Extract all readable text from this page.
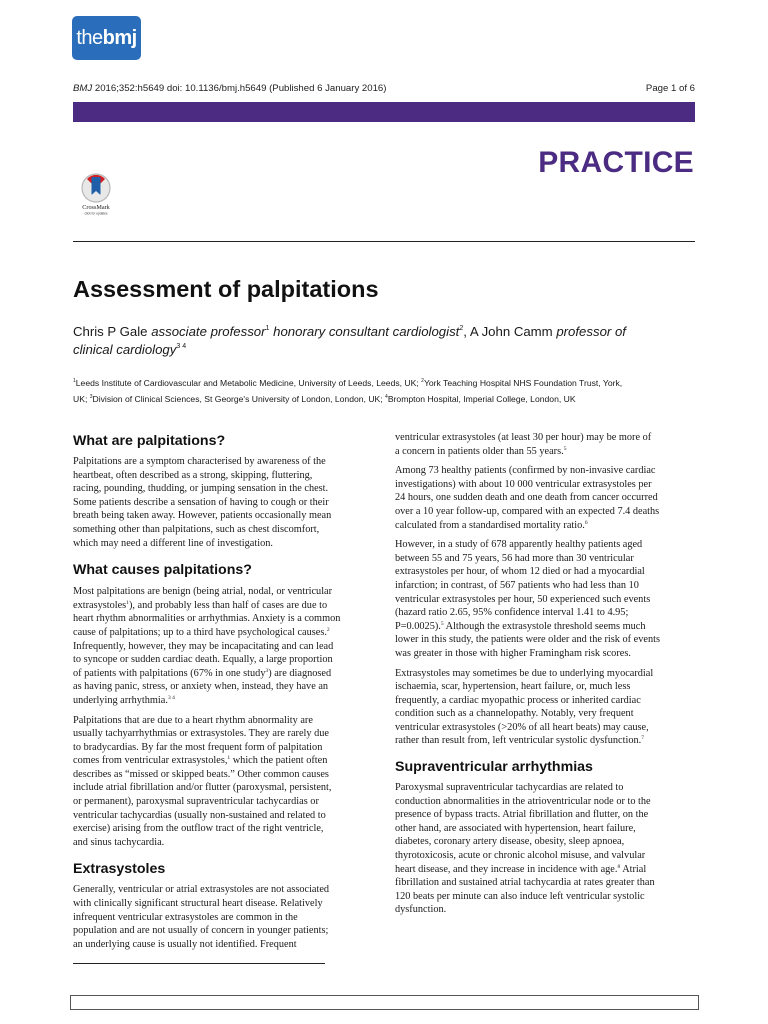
thebmj
BMJ 2016;352:h5649 doi: 10.1136/bmj.h5649 (Published 6 January 2016)	Page 1 of 6
PRACTICE
CrossMark
click for updates
Assessment of palpitations
Chris P Gale associate professor$^1$ honorary consultant cardiologist$^2$, A John Camm professor of
clinical cardiology$^{3 4}$
$^1$Leeds Institute of Cardiovascular and Metabolic Medicine, University of Leeds, Leeds, UK; $^2$York Teaching Hospital NHS Foundation Trust, York,
UK; $^3$Division of Clinical Sciences, St George's University of London, London, UK; $^4$Brompton Hospital, Imperial College, London, UK
What are palpitations?

Palpitations are a symptom characterised by awareness of the
heartbeat, often described as a strong, skipping, fluttering,
racing, pounding, thudding, or jumping sensation in the chest.
Some patients describe a sensation of having to cough or their
breath being taken away. However, patients occasionally mean
something other than palpitations, such as chest discomfort,
which may need a different line of investigation.

What causes palpitations?

Most palpitations are benign (being atrial, nodal, or ventricular
extrasystoles$^1$), and probably less than half of cases are due to
heart rhythm abnormalities or arrhythmias. Anxiety is a common
cause of palpitations; up to a third have psychological causes.$^2$
Infrequently, however, they may be incapacitating and can lead
to syncope or sudden cardiac death. Equally, a large proportion
of patients with palpitations (67% in one study$^3$) are diagnosed
as having panic, stress, or anxiety when, instead, they have an
underlying arrhythmia.$^{3 4}$

Palpitations that are due to a heart rhythm abnormality are
usually tachyarrhythmias or extrasystoles. They are rarely due
to bradycardias. By far the most frequent form of palpitation
comes from ventricular extrasystoles,$^1$ which the patient often
describes as “missed or skipped beats.” Other common causes
include atrial fibrillation and/or flutter (paroxysmal, persistent,
or permanent), paroxysmal supraventricular tachycardias or
ventricular tachycardias (usually non-sustained and related to
exercise) arising from the outflow tract of the right ventricle,
and sinus tachycardia.

Extrasystoles

Generally, ventricular or atrial extrasystoles are not associated
with clinically significant structural heart disease. Relatively
infrequent ventricular extrasystoles are common in the
population and are not usually of concern in younger patients;
an underlying cause is usually not identified. Frequent

ventricular extrasystoles (at least 30 per hour) may be more of
a concern in patients older than 55 years.$^5$

Among 73 healthy patients (confirmed by non-invasive cardiac
investigations) with about 10 000 ventricular extrasystoles per
24 hours, one sudden death and one death from cancer occurred
over a 10 year follow-up, compared with an expected 7.4 deaths
calculated from a standardised mortality ratio.$^6$

However, in a study of 678 apparently healthy patients aged
between 55 and 75 years, 56 had more than 30 ventricular
extrasystoles per hour, of whom 12 died or had a myocardial
infarction; in contrast, of 567 patients who had less than 10
ventricular extrasystoles per hour, 50 experienced such events
(hazard ratio 2.65, 95% confidence interval 1.41 to 4.95;
P=0.0025).$^5$ Although the extrasystole threshold seems much
lower in this study, the patients were older and the risk of events
was greater in those with higher Framingham risk scores.

Extrasystoles may sometimes be due to underlying myocardial
ischaemia, scar, hypertension, heart failure, or, much less
frequently, a cardiac myopathic process or inherited cardiac
condition such as a channelopathy. Notably, very frequent
ventricular extrasystoles (>20% of all heart beats) may cause,
rather than result from, left ventricular systolic dysfunction.$^7$

Supraventricular arrhythmias

Paroxysmal supraventricular tachycardias are related to
conduction abnormalities in the atrioventricular node or to the
presence of bypass tracts. Atrial fibrillation and flutter, on the
other hand, are associated with hypertension, heart failure,
diabetes, coronary artery disease, obesity, sleep apnoea,
thyrotoxicosis, acute or chronic alcohol misuse, and valvular
heart disease, and they increase in incidence with age.$^8$ Atrial
fibrillation and sustained atrial tachycardia at rates greater than
120 beats per minute can also induce left ventricular systolic
dysfunction.
